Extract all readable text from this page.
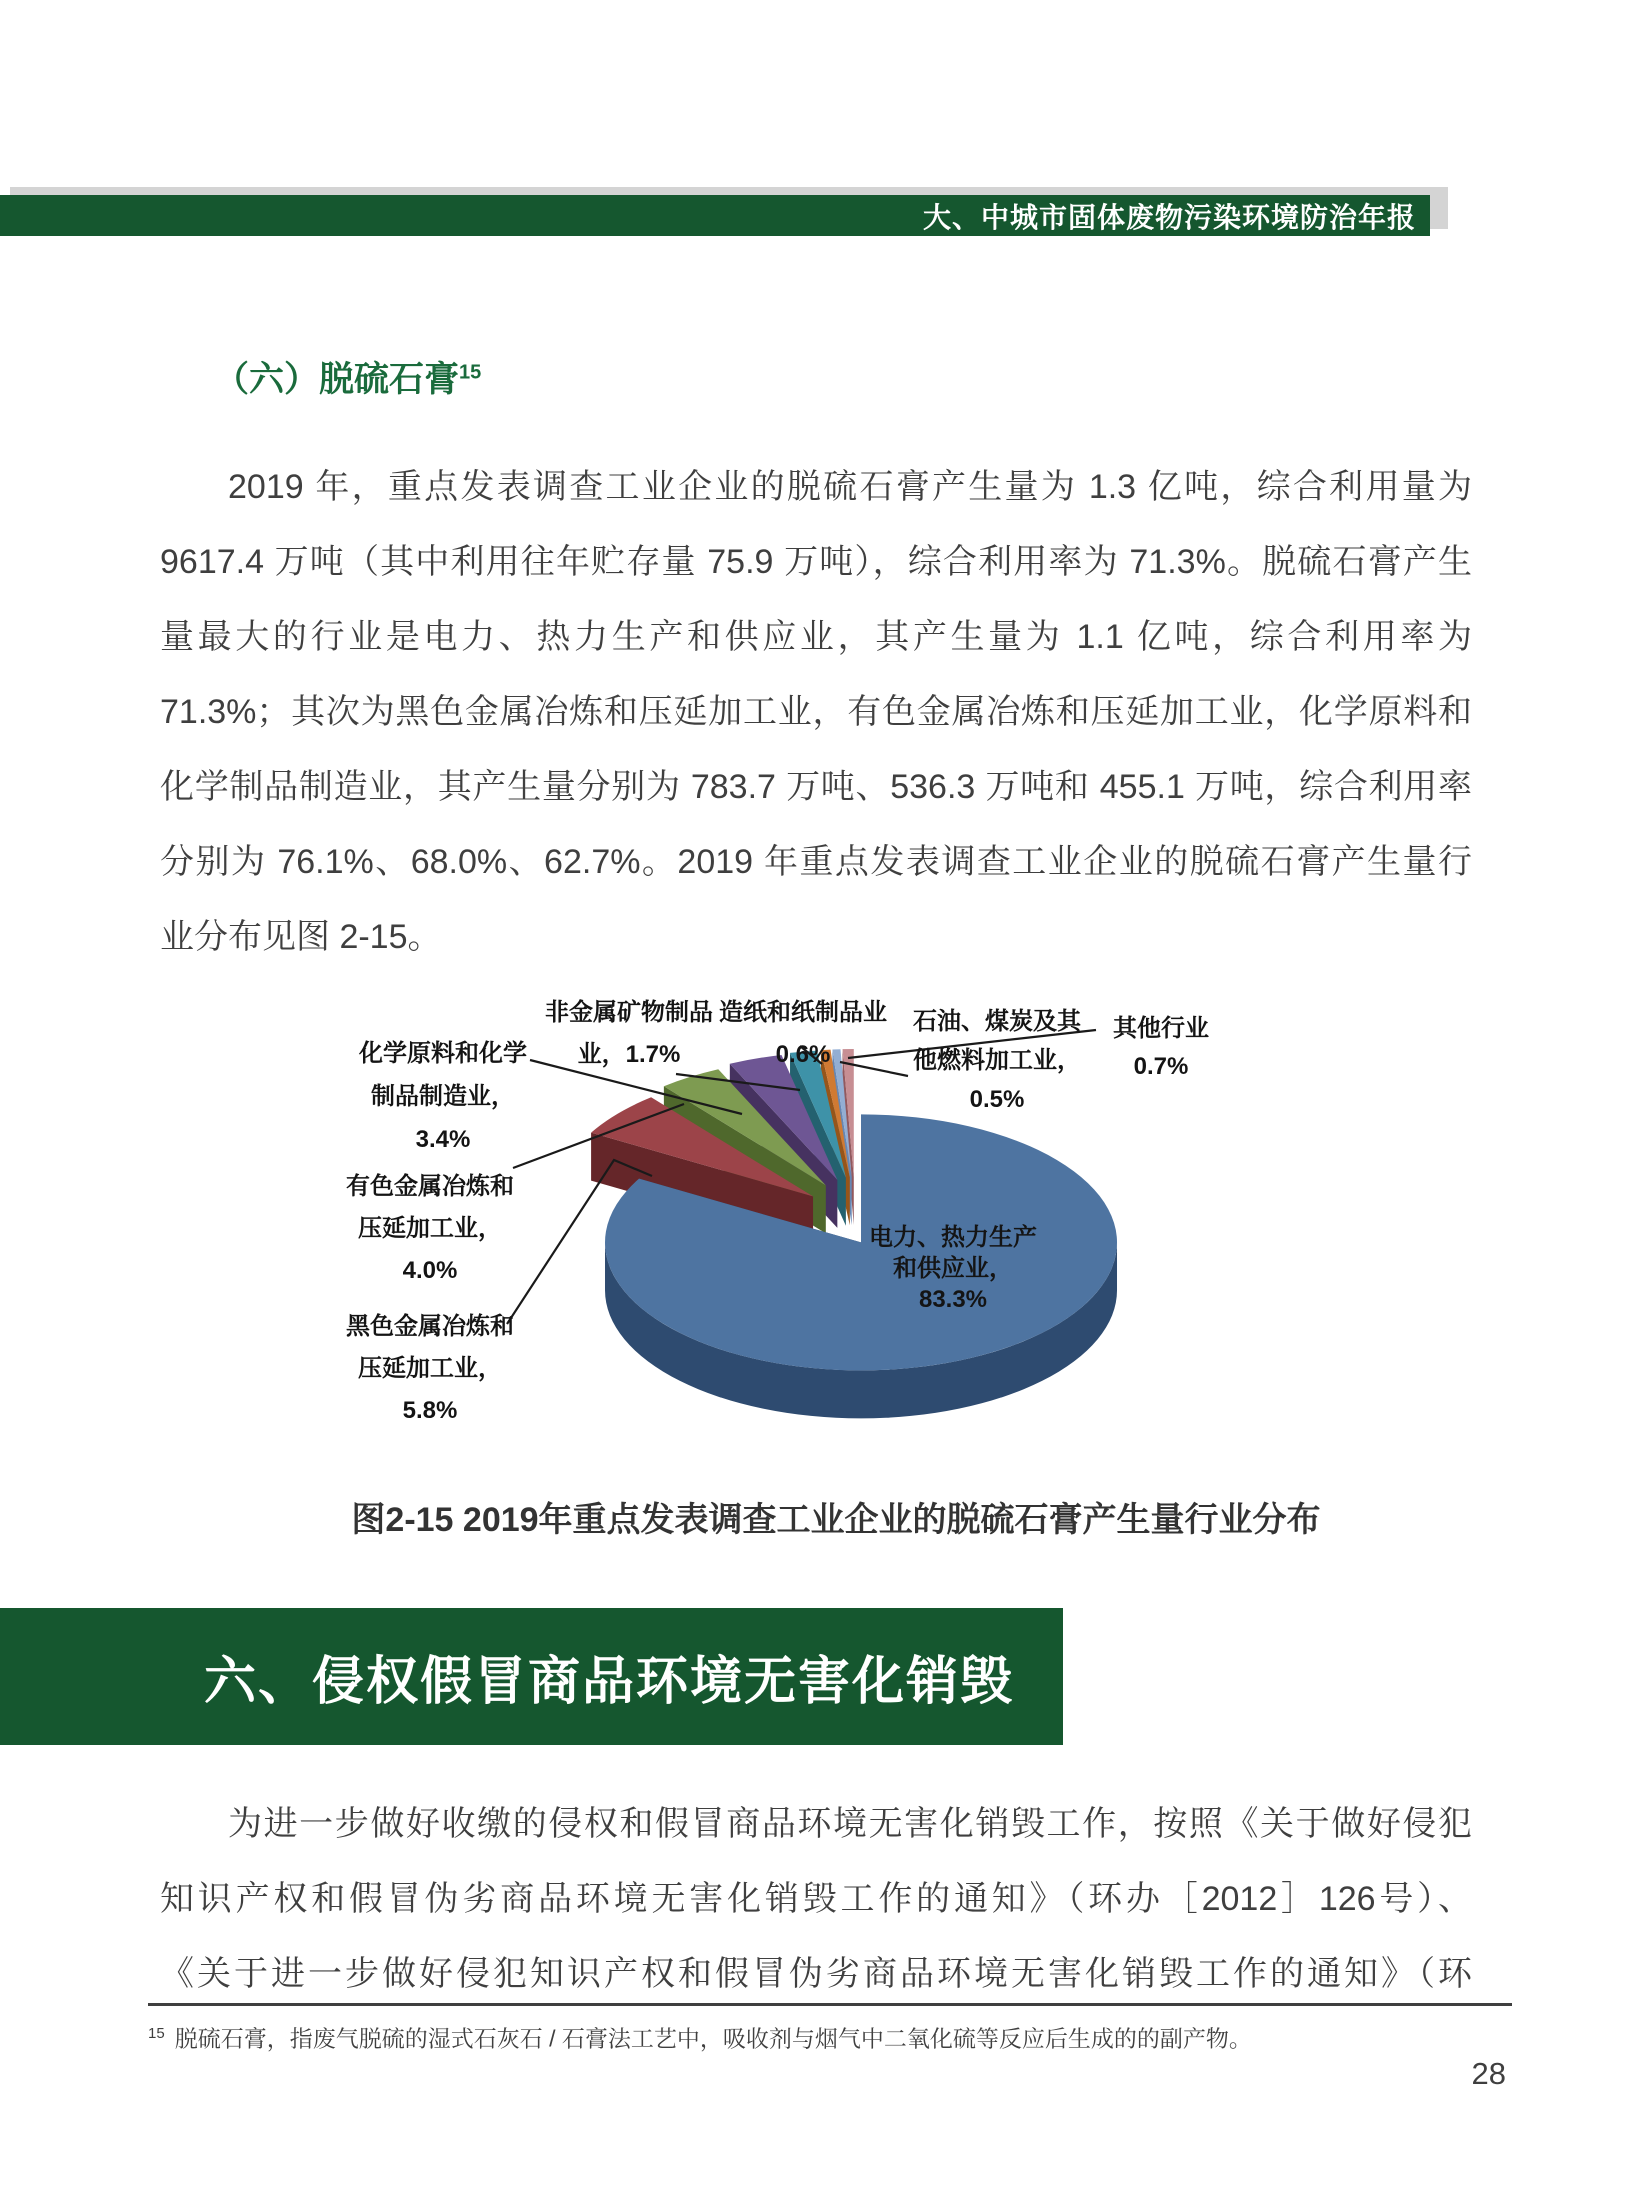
大、中城市固体废物污染环境防治年报
（六）脱硫石膏$^{15}$
2019 年，重点发表调查工业企业的脱硫石膏产生量为 1.3 亿吨，综合利用量为
9617.4 万吨（其中利用往年贮存量 75.9 万吨），综合利用率为 71.3%。脱硫石膏产生
量最大的行业是电力、热力生产和供应业，其产生量为 1.1 亿吨，综合利用率为
71.3%；其次为黑色金属冶炼和压延加工业，有色金属冶炼和压延加工业，化学原料和
化学制品制造业，其产生量分别为 783.7 万吨、536.3 万吨和 455.1 万吨，综合利用率
分别为 76.1%、68.0%、62.7%。2019 年重点发表调查工业企业的脱硫石膏产生量行
业分布见图 2-15。
电力、热力生产
和供应业，
83.3%
黑色金属冶炼和
压延加工业，
5.8%
有色金属冶炼和
压延加工业，
4.0%
化学原料和化学
制品制造业，
3.4%
非金属矿物制品
业，1.7%
造纸和纸制品业
0.6%
石油、煤炭及其
他燃料加工业，
0.5%
其他行业
0.7%
图2-15 2019年重点发表调查工业企业的脱硫石膏产生量行业分布
六、侵权假冒商品环境无害化销毁
为进一步做好收缴的侵权和假冒商品环境无害化销毁工作，按照《关于做好侵犯
知识产权和假冒伪劣商品环境无害化销毁工作的通知》（环办［2012］126号）、
《关于进一步做好侵犯知识产权和假冒伪劣商品环境无害化销毁工作的通知》（环
$^{15}$ 脱硫石膏，指废气脱硫的湿式石灰石 / 石膏法工艺中，吸收剂与烟气中二氧化硫等反应后生成的的副产物。
28
